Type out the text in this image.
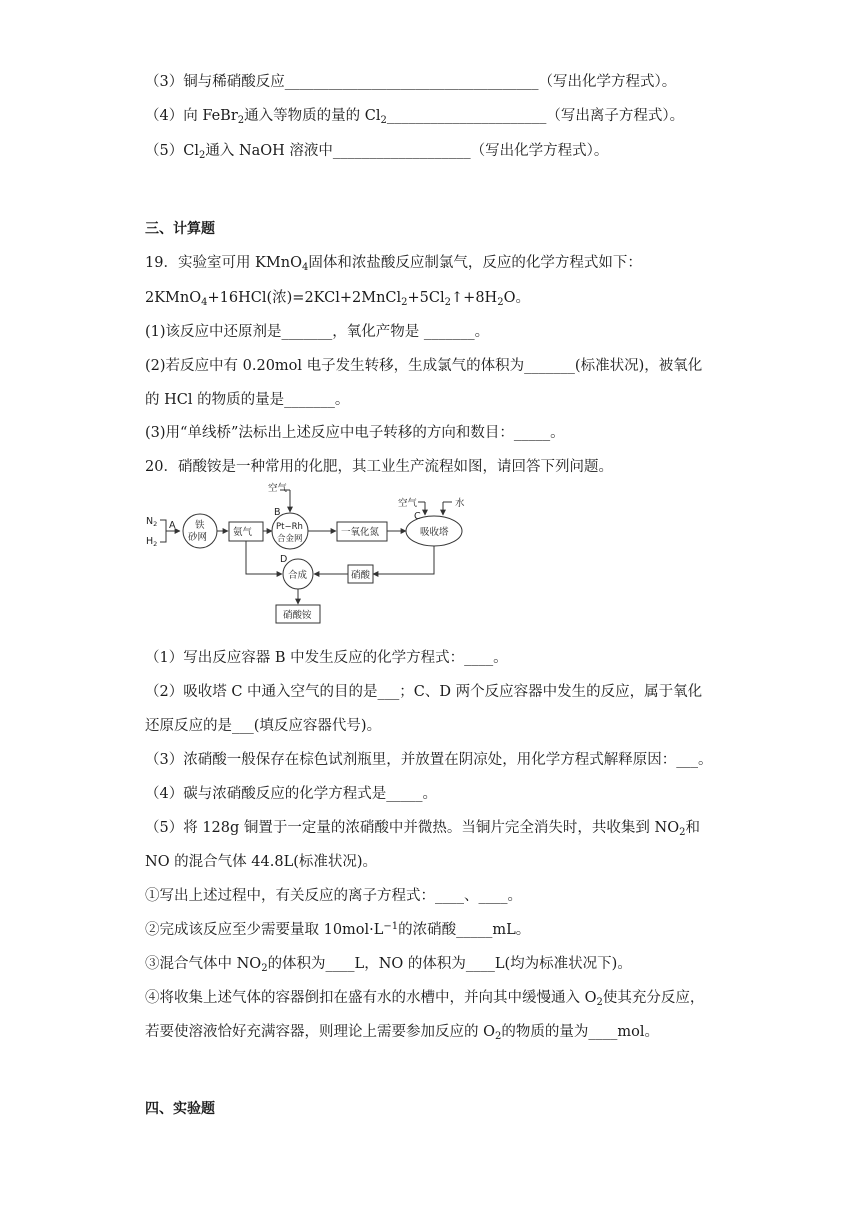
（3）铜与稀硝酸反应___________________________________（写出化学方程式）。
（4）向 FeBr$_2$通入等物质的量的 $Cl_2\_\_\_\_\_\_\_\_\_\_\_\_\_\_\_\_\_\_\_\_\_\_$（写出离子方程式）。
$(5)Cl_2$通入 NaOH 溶液中___________________（写出化学方程式）。
三、计算题
19．实验室可用 KMnO$_4$固体和浓盐酸反应制氯气，反应的化学方程式如下：
2KMnO$_4$+16HCl(浓)$=2KCl+2MnCl_2+5Cl_2↑+8H_2O$。
(1)该反应中还原剂是_______，氧化产物是 _______。
(2)若反应中有 0.20mol 电子发生转移，生成氯气的体积为_______(标准状况)，被氧化
的 HCl 的物质的量是_______。
(3)用“单线桥”法标出上述反应中电子转移的方向和数目：_____。
20．硝酸铵是一种常用的化肥，其工业生产流程如图，请回答下列问题。
$N_2$
$H_2$
A 铁
砂网	氨气
空气
B
Pt−Rh
合金网
一氧化氮
空气	水
C
吸收塔
D
合成	硝酸
硝酸铵
（1）写出反应容器 B 中发生反应的化学方程式：____。
（2）吸收塔 C 中通入空气的目的是___；C、D 两个反应容器中发生的反应，属于氧化
还原反应的是___(填反应容器代号)。
（3）浓硝酸一般保存在棕色试剂瓶里，并放置在阴凉处，用化学方程式解释原因：___。
（4）碳与浓硝酸反应的化学方程式是_____。
（5）将 128g 铜置于一定量的浓硝酸中并微热。当铜片完全消失时，共收集到 $NO_2$和
NO 的混合气体 44.8L(标准状况)。
①写出上述过程中，有关反应的离子方程式：____、____。
②完成该反应至少需要量取 $10mol\cdot L^{-1}$的浓硝酸_____mL。
③混合气体中 $NO_2$的体积为____L，NO 的体积为____L(均为标准状况下)。
④将收集上述气体的容器倒扣在盛有水的水槽中，并向其中缓慢通入 $O_2$使其充分反应，
若要使溶液恰好充满容器，则理论上需要参加反应的 $O_2$的物质的量为____mol。
四、实验题
